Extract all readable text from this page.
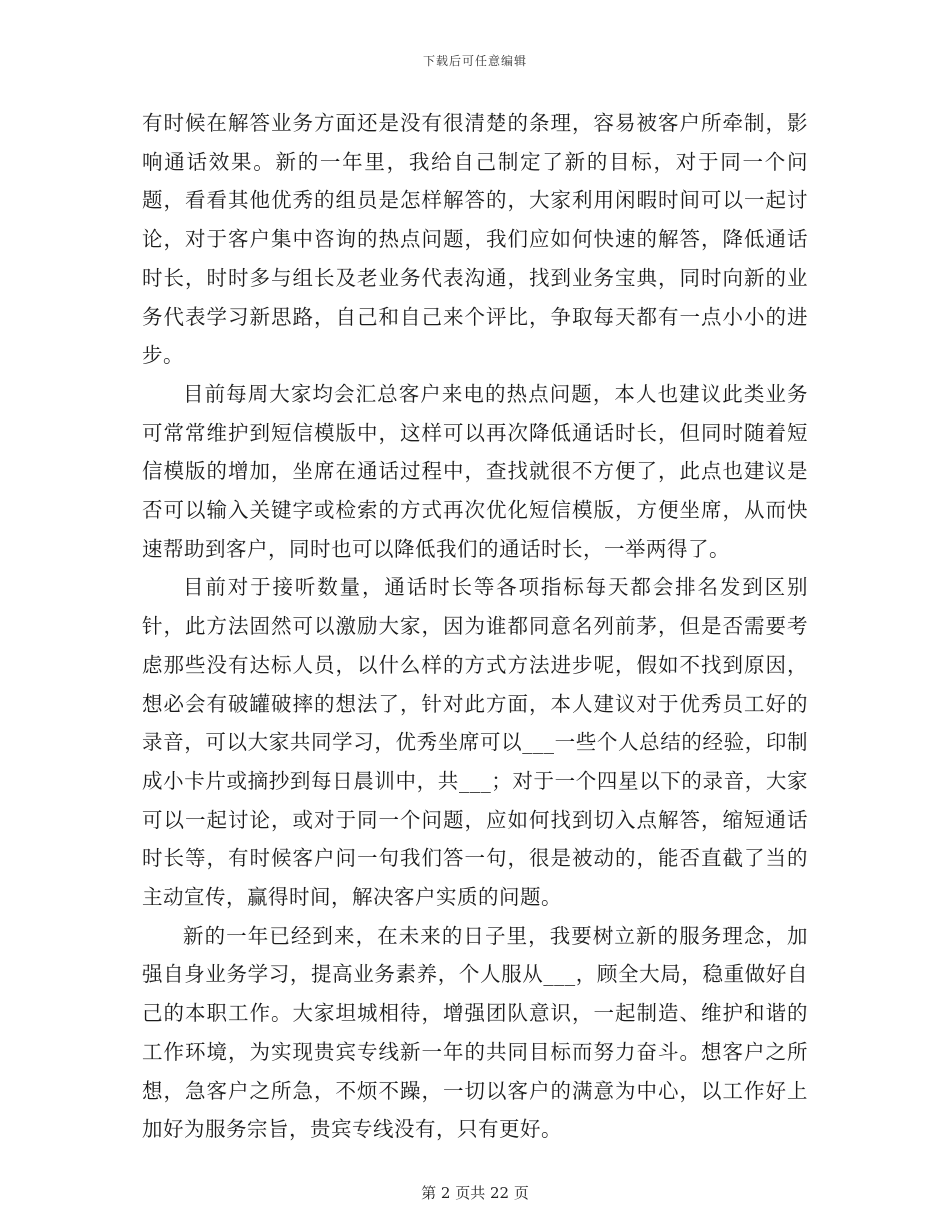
下载后可任意编辑

有时候在解答业务方面还是没有很清楚的条理，容易被客户所牵制，影响通话效果。新的一年里，我给自己制定了新的目标，对于同一个问题，看看其他优秀的组员是怎样解答的，大家利用闲暇时间可以一起讨论，对于客户集中咨询的热点问题，我们应如何快速的解答，降低通话时长，时时多与组长及老业务代表沟通，找到业务宝典，同时向新的业务代表学习新思路，自己和自己来个评比，争取每天都有一点小小的进步。

目前每周大家均会汇总客户来电的热点问题，本人也建议此类业务可常常维护到短信模版中，这样可以再次降低通话时长，但同时随着短信模版的增加，坐席在通话过程中，查找就很不方便了，此点也建议是否可以输入关键字或检索的方式再次优化短信模版，方便坐席，从而快速帮助到客户，同时也可以降低我们的通话时长，一举两得了。

目前对于接听数量，通话时长等各项指标每天都会排名发到区别针，此方法固然可以激励大家，因为谁都同意名列前茅，但是否需要考虑那些没有达标人员，以什么样的方式方法进步呢，假如不找到原因，想必会有破罐破摔的想法了，针对此方面，本人建议对于优秀员工好的录音，可以大家共同学习，优秀坐席可以___一些个人总结的经验，印制成小卡片或摘抄到每日晨训中，共___；对于一个四星以下的录音，大家可以一起讨论，或对于同一个问题，应如何找到切入点解答，缩短通话时长等，有时候客户问一句我们答一句，很是被动的，能否直截了当的主动宣传，赢得时间，解决客户实质的问题。

新的一年已经到来，在未来的日子里，我要树立新的服务理念，加强自身业务学习，提高业务素养，个人服从___，顾全大局，稳重做好自己的本职工作。大家坦城相待，增强团队意识，一起制造、维护和谐的工作环境，为实现贵宾专线新一年的共同目标而努力奋斗。想客户之所想，急客户之所急，不烦不躁，一切以客户的满意为中心，以工作好上加好为服务宗旨，贵宾专线没有，只有更好。

第 2 页共 22 页
